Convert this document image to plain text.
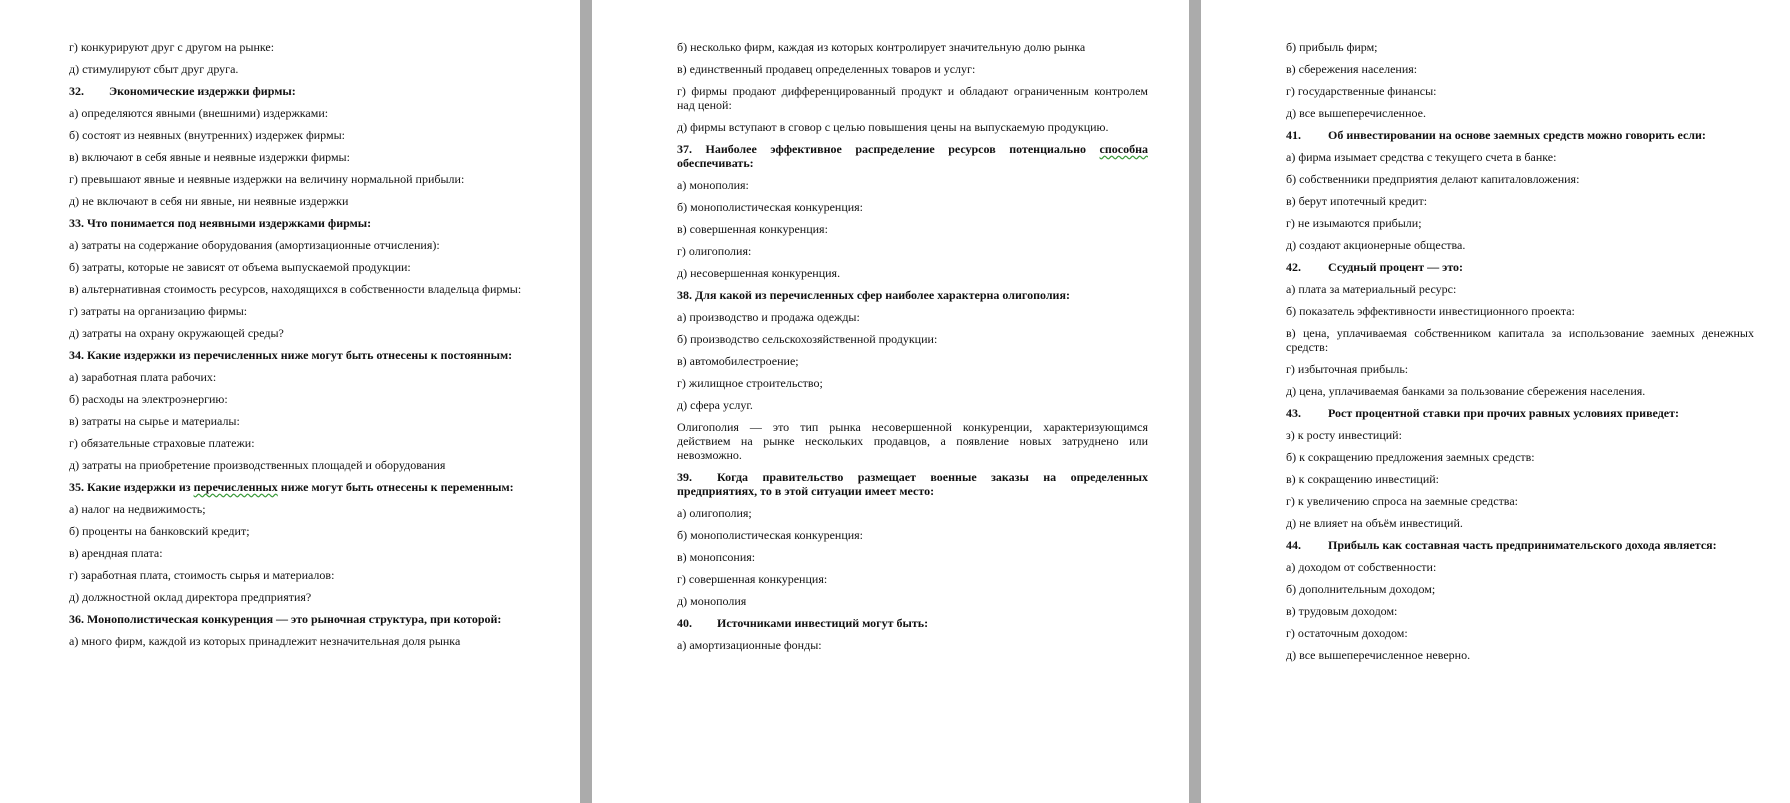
г) конкурируют друг с другом на рынке:
д) стимулируют сбыт друг друга.
32. Экономические издержки фирмы:
а) определяются явными (внешними) издержками:
б) состоят из неявных (внутренних) издержек фирмы:
в) включают в себя явные и неявные издержки фирмы:
г) превышают явные и неявные издержки на величину нормальной прибыли:
д) не включают в себя ни явные, ни неявные издержки
33. Что понимается под неявными издержками фирмы:
а) затраты на содержание оборудования (амортизационные отчисления):
б) затраты, которые не зависят от объема выпускаемой продукции:
в) альтернативная стоимость ресурсов, находящихся в собственности владельца фирмы:
г) затраты на организацию фирмы:
д) затраты на охрану окружающей среды?
34. Какие издержки из перечисленных ниже могут быть отнесены к постоянным:
а) заработная плата рабочих:
б) расходы на электроэнергию:
в) затраты на сырье и материалы:
г) обязательные страховые платежи:
д) затраты на приобретение производственных площадей и оборудования
35. Какие издержки из перечисленных ниже могут быть отнесены к переменным:
а) налог на недвижимость;
б) проценты на банковский кредит;
в) арендная плата:
г) заработная плата, стоимость сырья и материалов:
д) должностной оклад директора предприятия?
36. Монополистическая конкуренция — это рыночная структура, при которой:
а) много фирм, каждой из которых принадлежит незначительная доля рынка
б) несколько фирм, каждая из которых контролирует значительную долю рынка
в) единственный продавец определенных товаров и услуг:
г) фирмы продают дифференцированный продукт и обладают ограниченным контролем над ценой:
д) фирмы вступают в сговор с целью повышения цены на выпускаемую продукцию.
37. Наиболее эффективное распределение ресурсов потенциально способна обеспечивать:
а) монополия:
б) монополистическая конкуренция:
в) совершенная конкуренция:
г) олигополия:
д) несовершенная конкуренция.
38. Для какой из перечисленных сфер наиболее характерна олигополия:
а) производство и продажа одежды:
б) производство сельскохозяйственной продукции:
в) автомобилестроение;
г) жилищное строительство;
д) сфера услуг.
Олигополия — это тип рынка несовершенной конкуренции, характеризующимся действием на рынке нескольких продавцов, а появление новых затруднено или невозможно.
39. Когда правительство размещает военные заказы на определенных предприятиях, то в этой ситуации имеет место:
а) олигополия;
б) монополистическая конкуренция:
в) монопсония:
г) совершенная конкуренция:
д) монополия
40. Источниками инвестиций могут быть:
а) амортизационные фонды:
б) прибыль фирм;
в) сбережения населения:
г) государственные финансы:
д) все вышеперечисленное.
41. Об инвестировании на основе заемных средств можно говорить если:
а) фирма изымает средства с текущего счета в банке:
б) собственники предприятия делают капиталовложения:
в) берут ипотечный кредит:
г) не изымаются прибыли;
д) создают акционерные общества.
42. Ссудный процент — это:
а) плата за материальный ресурс:
б) показатель эффективности инвестиционного проекта:
в) цена, уплачиваемая собственником капитала за использование заемных денежных средств:
г) избыточная прибыль:
д) цена, уплачиваемая банками за пользование сбережения населения.
43. Рост процентной ставки при прочих равных условиях приведет:
з) к росту инвестиций:
б) к сокращению предложения заемных средств:
в) к сокращению инвестиций:
г) к увеличению спроса на заемные средства:
д) не влияет на объём инвестиций.
44. Прибыль как составная часть предпринимательского дохода является:
а) доходом от собственности:
б) дополнительным доходом;
в) трудовым доходом:
г) остаточным доходом:
д) все вышеперечисленное неверно.
